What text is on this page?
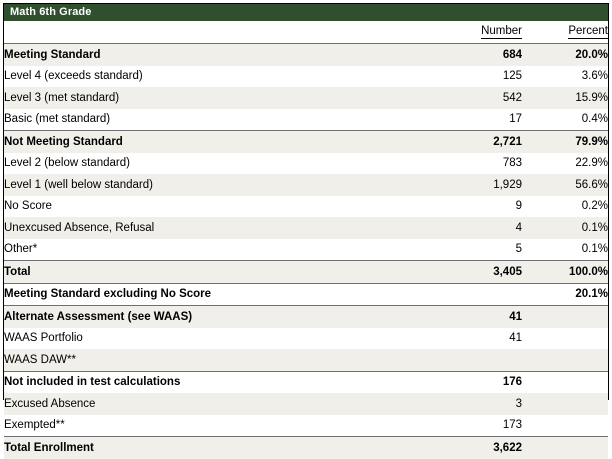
Math 6th Grade
	Number	Percent
Meeting Standard	684	20.0%
Level 4 (exceeds standard)	125	3.6%
Level 3 (met standard)	542	15.9%
Basic (met standard)	17	0.4%
Not Meeting Standard	2,721	79.9%
Level 2 (below standard)	783	22.9%
Level 1 (well below standard)	1,929	56.6%
No Score	9	0.2%
Unexcused Absence, Refusal	4	0.1%
Other*	5	0.1%
Total	3,405	100.0%
Meeting Standard excluding No Score		20.1%
Alternate Assessment (see WAAS)	41	
WAAS Portfolio	41	
WAAS DAW**		
Not included in test calculations	176	
Excused Absence	3	
Exempted**	173	
Total Enrollment	3,622	
